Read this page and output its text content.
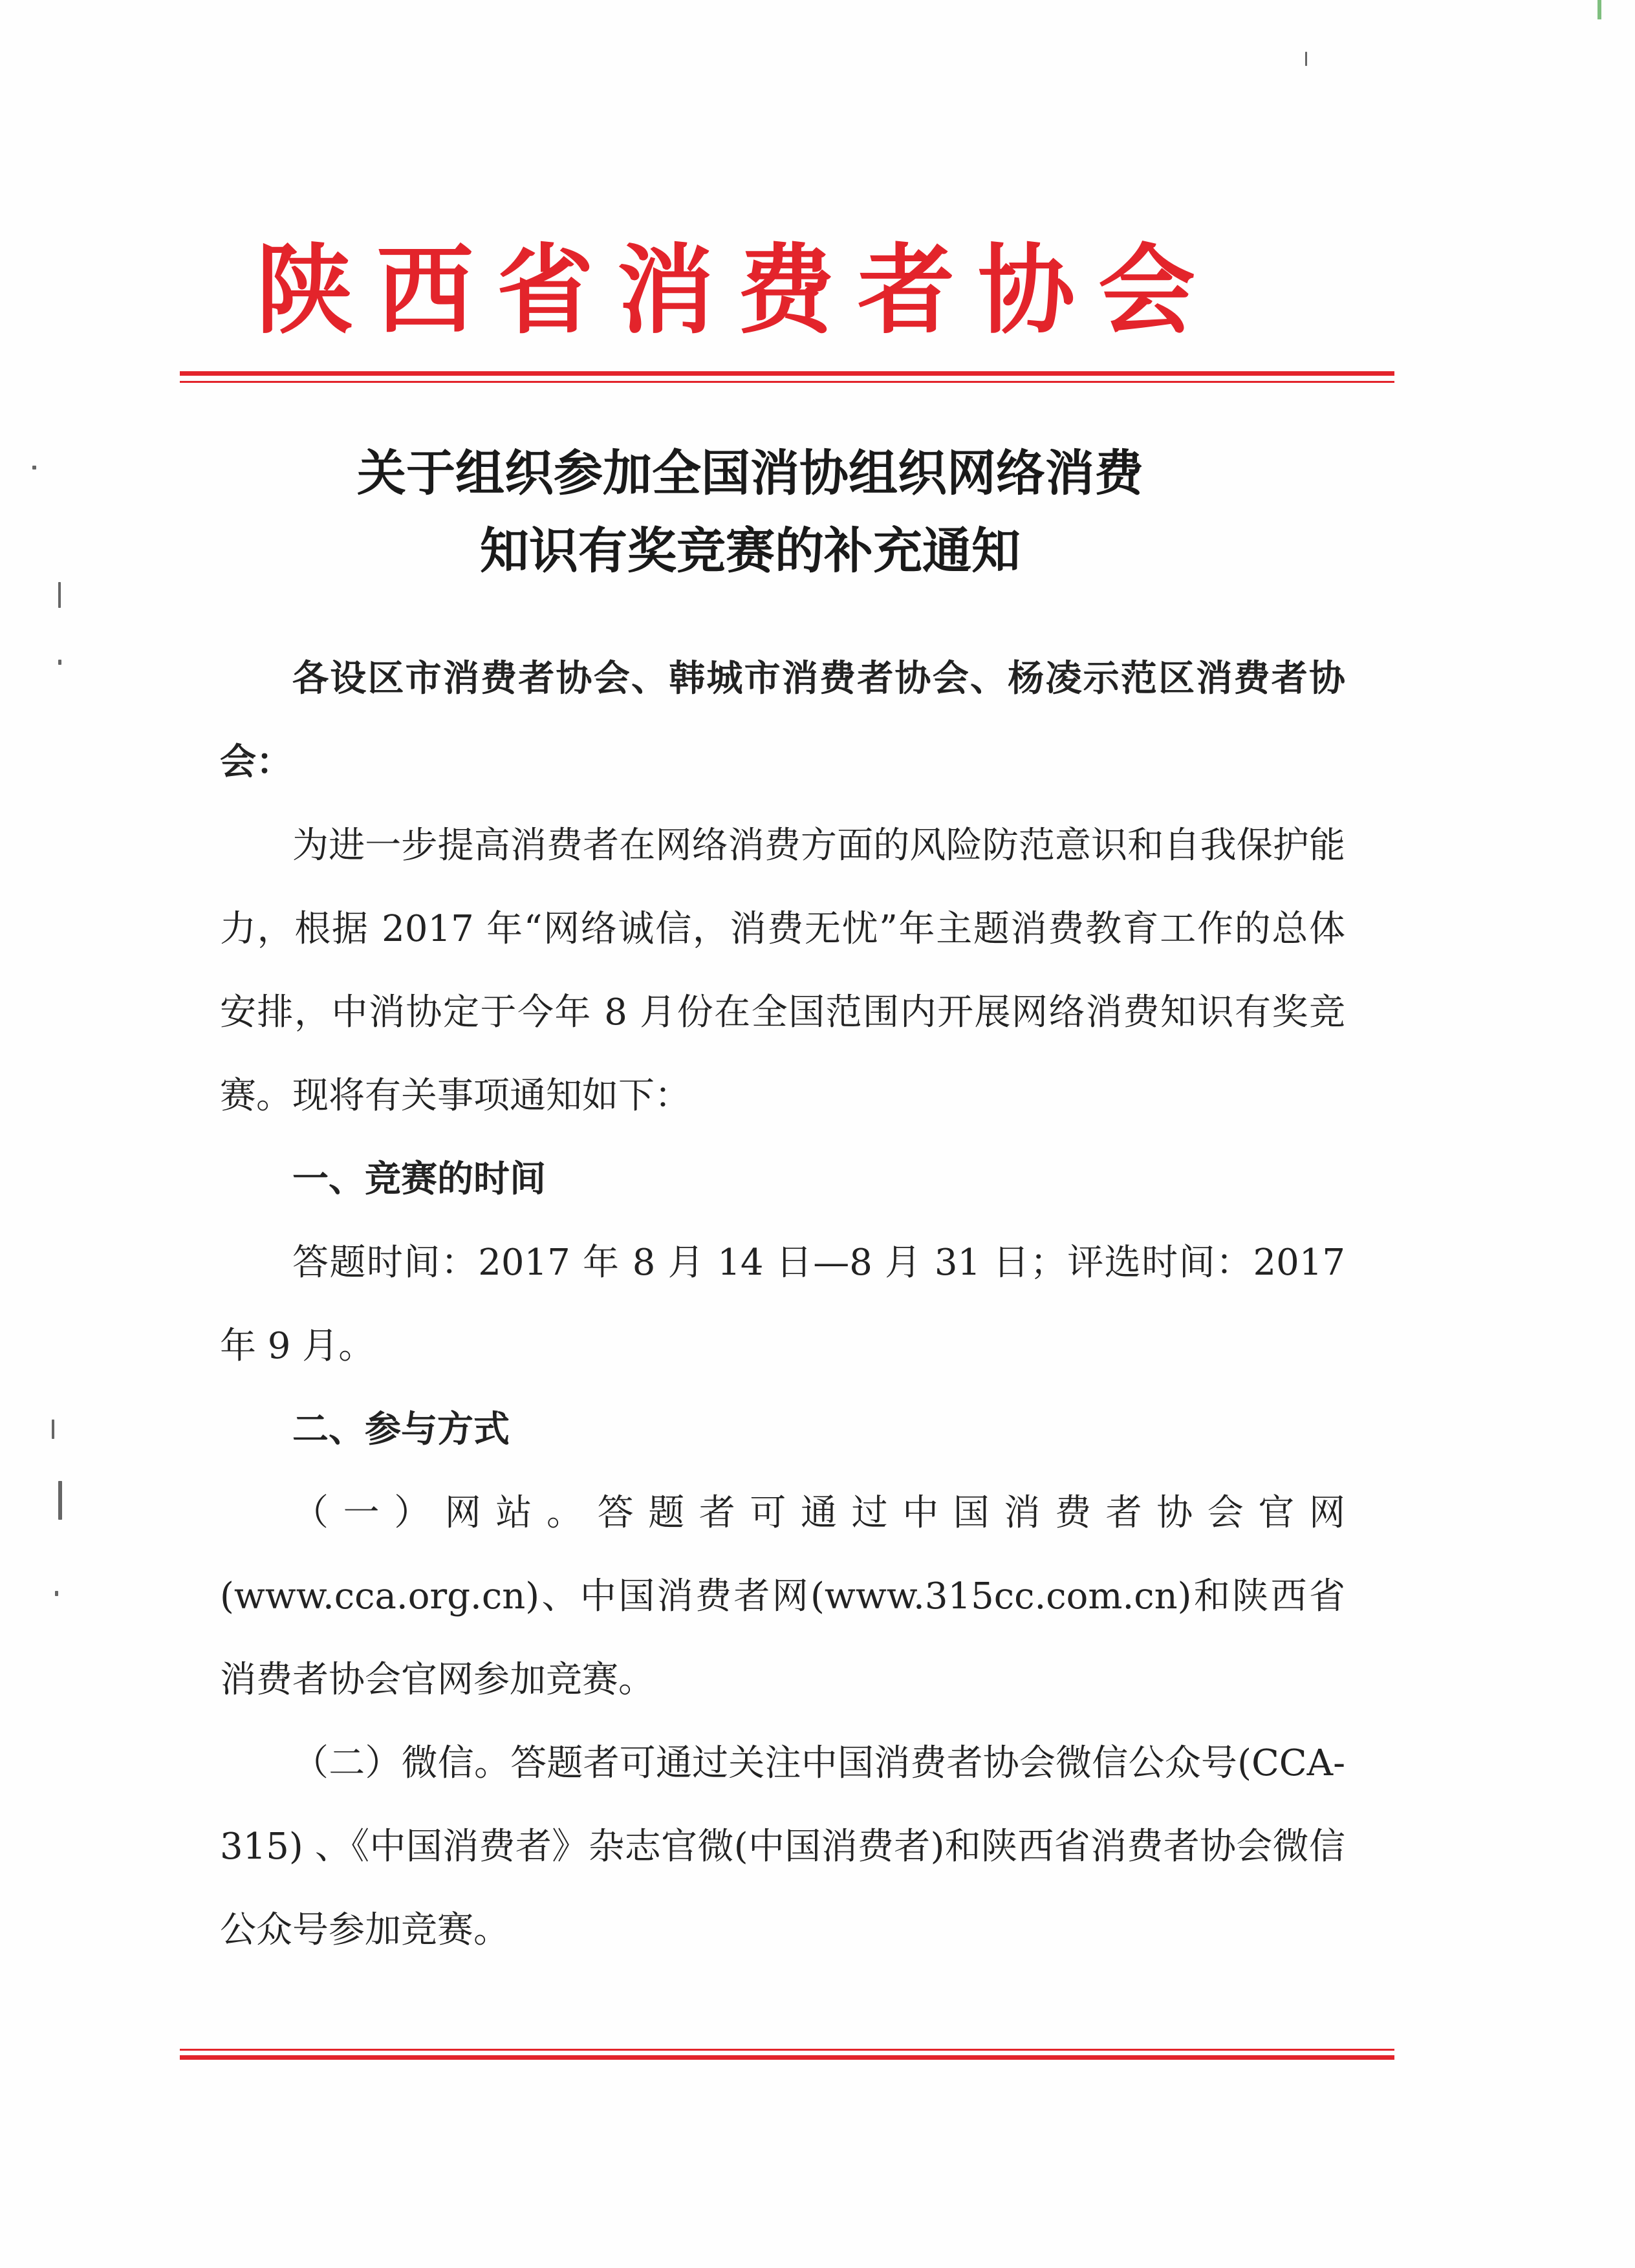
陕西省消费者协会
关于组织参加全国消协组织网络消费
知识有奖竞赛的补充通知

各设区市消费者协会、韩城市消费者协会、杨凌示范区消费者协会：

为进一步提高消费者在网络消费方面的风险防范意识和自我保护能力，根据 2017 年“网络诚信，消费无忧”年主题消费教育工作的总体安排，中消协定于今年 8 月份在全国范围内开展网络消费知识有奖竞赛。现将有关事项通知如下：

一、竞赛的时间

答题时间：2017 年 8 月 14 日—8 月 31 日；评选时间：2017 年 9 月。

二、参与方式

（一）网站。答题者可通过中国消费者协会官网(www.cca.org.cn)、中国消费者网(www.315cc.com.cn)和陕西省消费者协会官网参加竞赛。

（二）微信。答题者可通过关注中国消费者协会微信公众号(CCA-315) 、《中国消费者》杂志官微(中国消费者)和陕西省消费者协会微信公众号参加竞赛。
